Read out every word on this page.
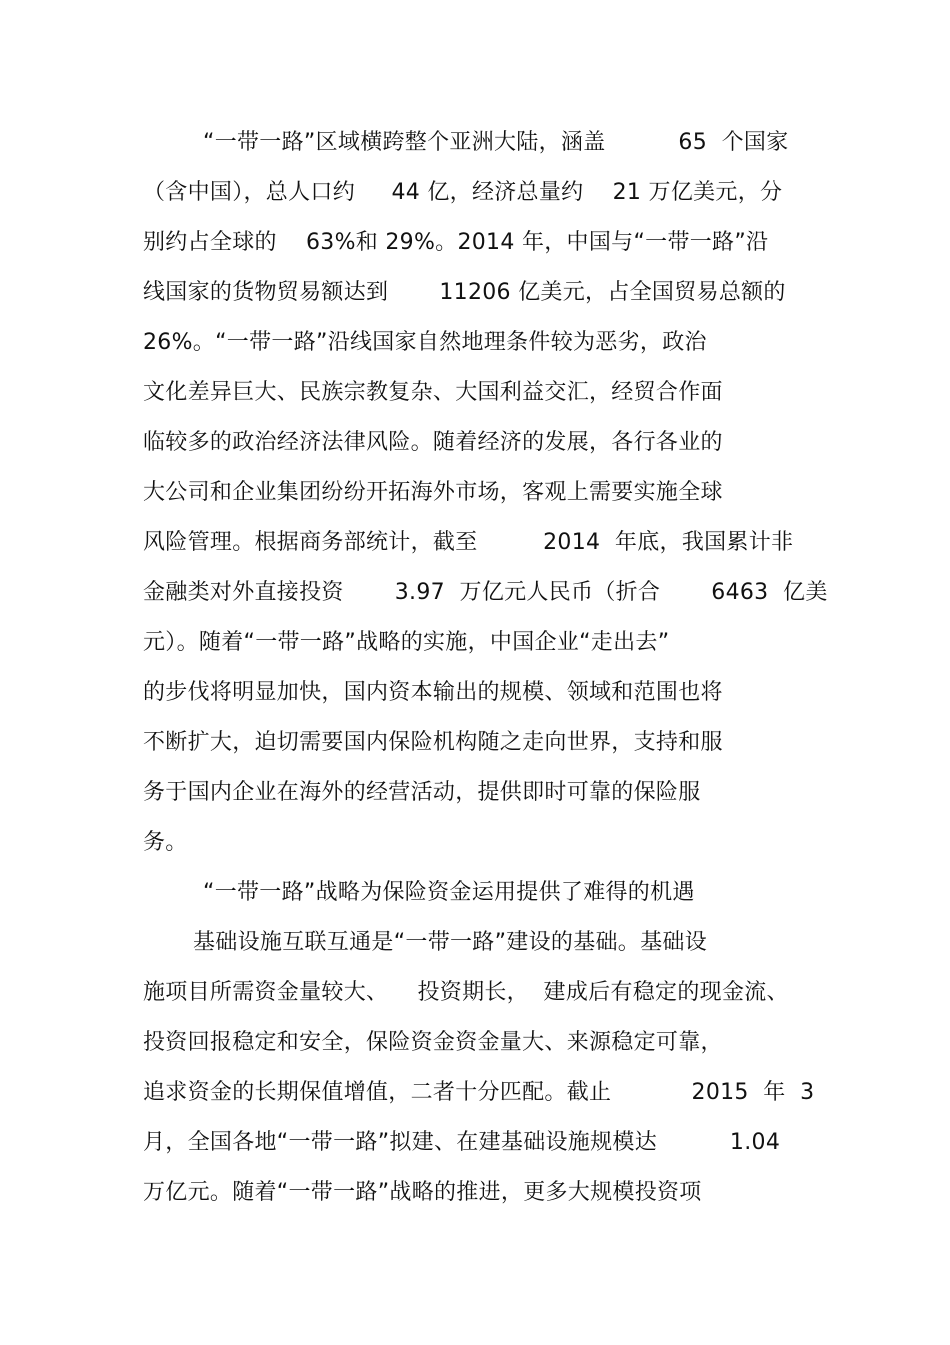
“一带一路”区域横跨整个亚洲大陆，涵盖          65  个国家
（含中国），总人口约     44 亿，经济总量约    21 万亿美元，分
别约占全球的    63%和 29%。2014 年，中国与“一带一路”沿
线国家的货物贸易额达到       11206 亿美元，占全国贸易总额的
26%。“一带一路”沿线国家自然地理条件较为恶劣，政治
文化差异巨大、民族宗教复杂、大国利益交汇，经贸合作面
临较多的政治经济法律风险。随着经济的发展，各行各业的
大公司和企业集团纷纷开拓海外市场，客观上需要实施全球
风险管理。根据商务部统计，截至         2014  年底，我国累计非
金融类对外直接投资       3.97  万亿元人民币（折合       6463  亿美
元）。随着“一带一路”战略的实施，中国企业“走出去”
的步伐将明显加快，国内资本输出的规模、领域和范围也将
不断扩大，迫切需要国内保险机构随之走向世界，支持和服
务于国内企业在海外的经营活动，提供即时可靠的保险服
务。
“一带一路”战略为保险资金运用提供了难得的机遇
基础设施互联互通是“一带一路”建设的基础。基础设
施项目所需资金量较大、    投资期长，  建成后有稳定的现金流、
投资回报稳定和安全，保险资金资金量大、来源稳定可靠，
追求资金的长期保值增值，二者十分匹配。截止           2015  年  3
月，全国各地“一带一路”拟建、在建基础设施规模达          1.04
万亿元。随着“一带一路”战略的推进，更多大规模投资项
